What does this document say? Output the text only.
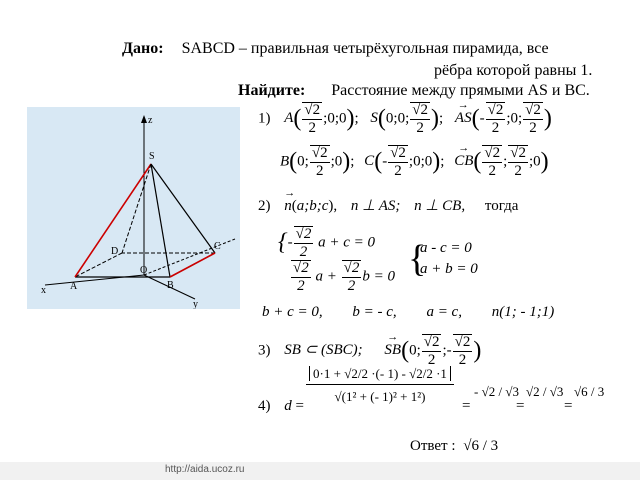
Дано: SABCD – правильная четырёхугольная пирамида, все
рёбра которой равны 1.
Найдите: Расстояние между прямыми AS и BC.
z
S
C
O
D
A	B
x
y
1) $A( \frac{√2}{2}$ ;0;0); S(0;0; $\frac{√2}{2}$ ); → $AS(- \frac{√2}{2}$ ;0; $\frac{√2}{2}$ )
B(0; $\frac{√2}{2}$ ;0); $C(- \frac{√2}{2}$ ;0;0); → $CB( \frac{√2}{2}$ ; $\frac{√2}{2}$ ;0)
2) → n(a;b;c), n ⊥ AS; n ⊥ CB, тогда
{- $\frac{√2}{2}$ a + c = 0
$\frac{√2}{2}$ $a + \frac{√2}{2}$ b = 0
a - c = 0
a + b = 0
{
b + c = 0, b = - c, a = c, n(1; - 1;1)
3) SB ⊂ (SBC); → SB(0; $\frac{√2}{2}$ ;- $\frac{√2}{2}$ )
4) d =
$\frac{0\cdot 1 + √2/2 \cdot(- 1) - √2/2 \cdot 1}{\text{√(1² + (- 1)² + 1²)}}$
=
- √2 / √3
=
√2 / √3
=
√6 / 3
Ответ : √6 / 3
http://aida.ucoz.ru
